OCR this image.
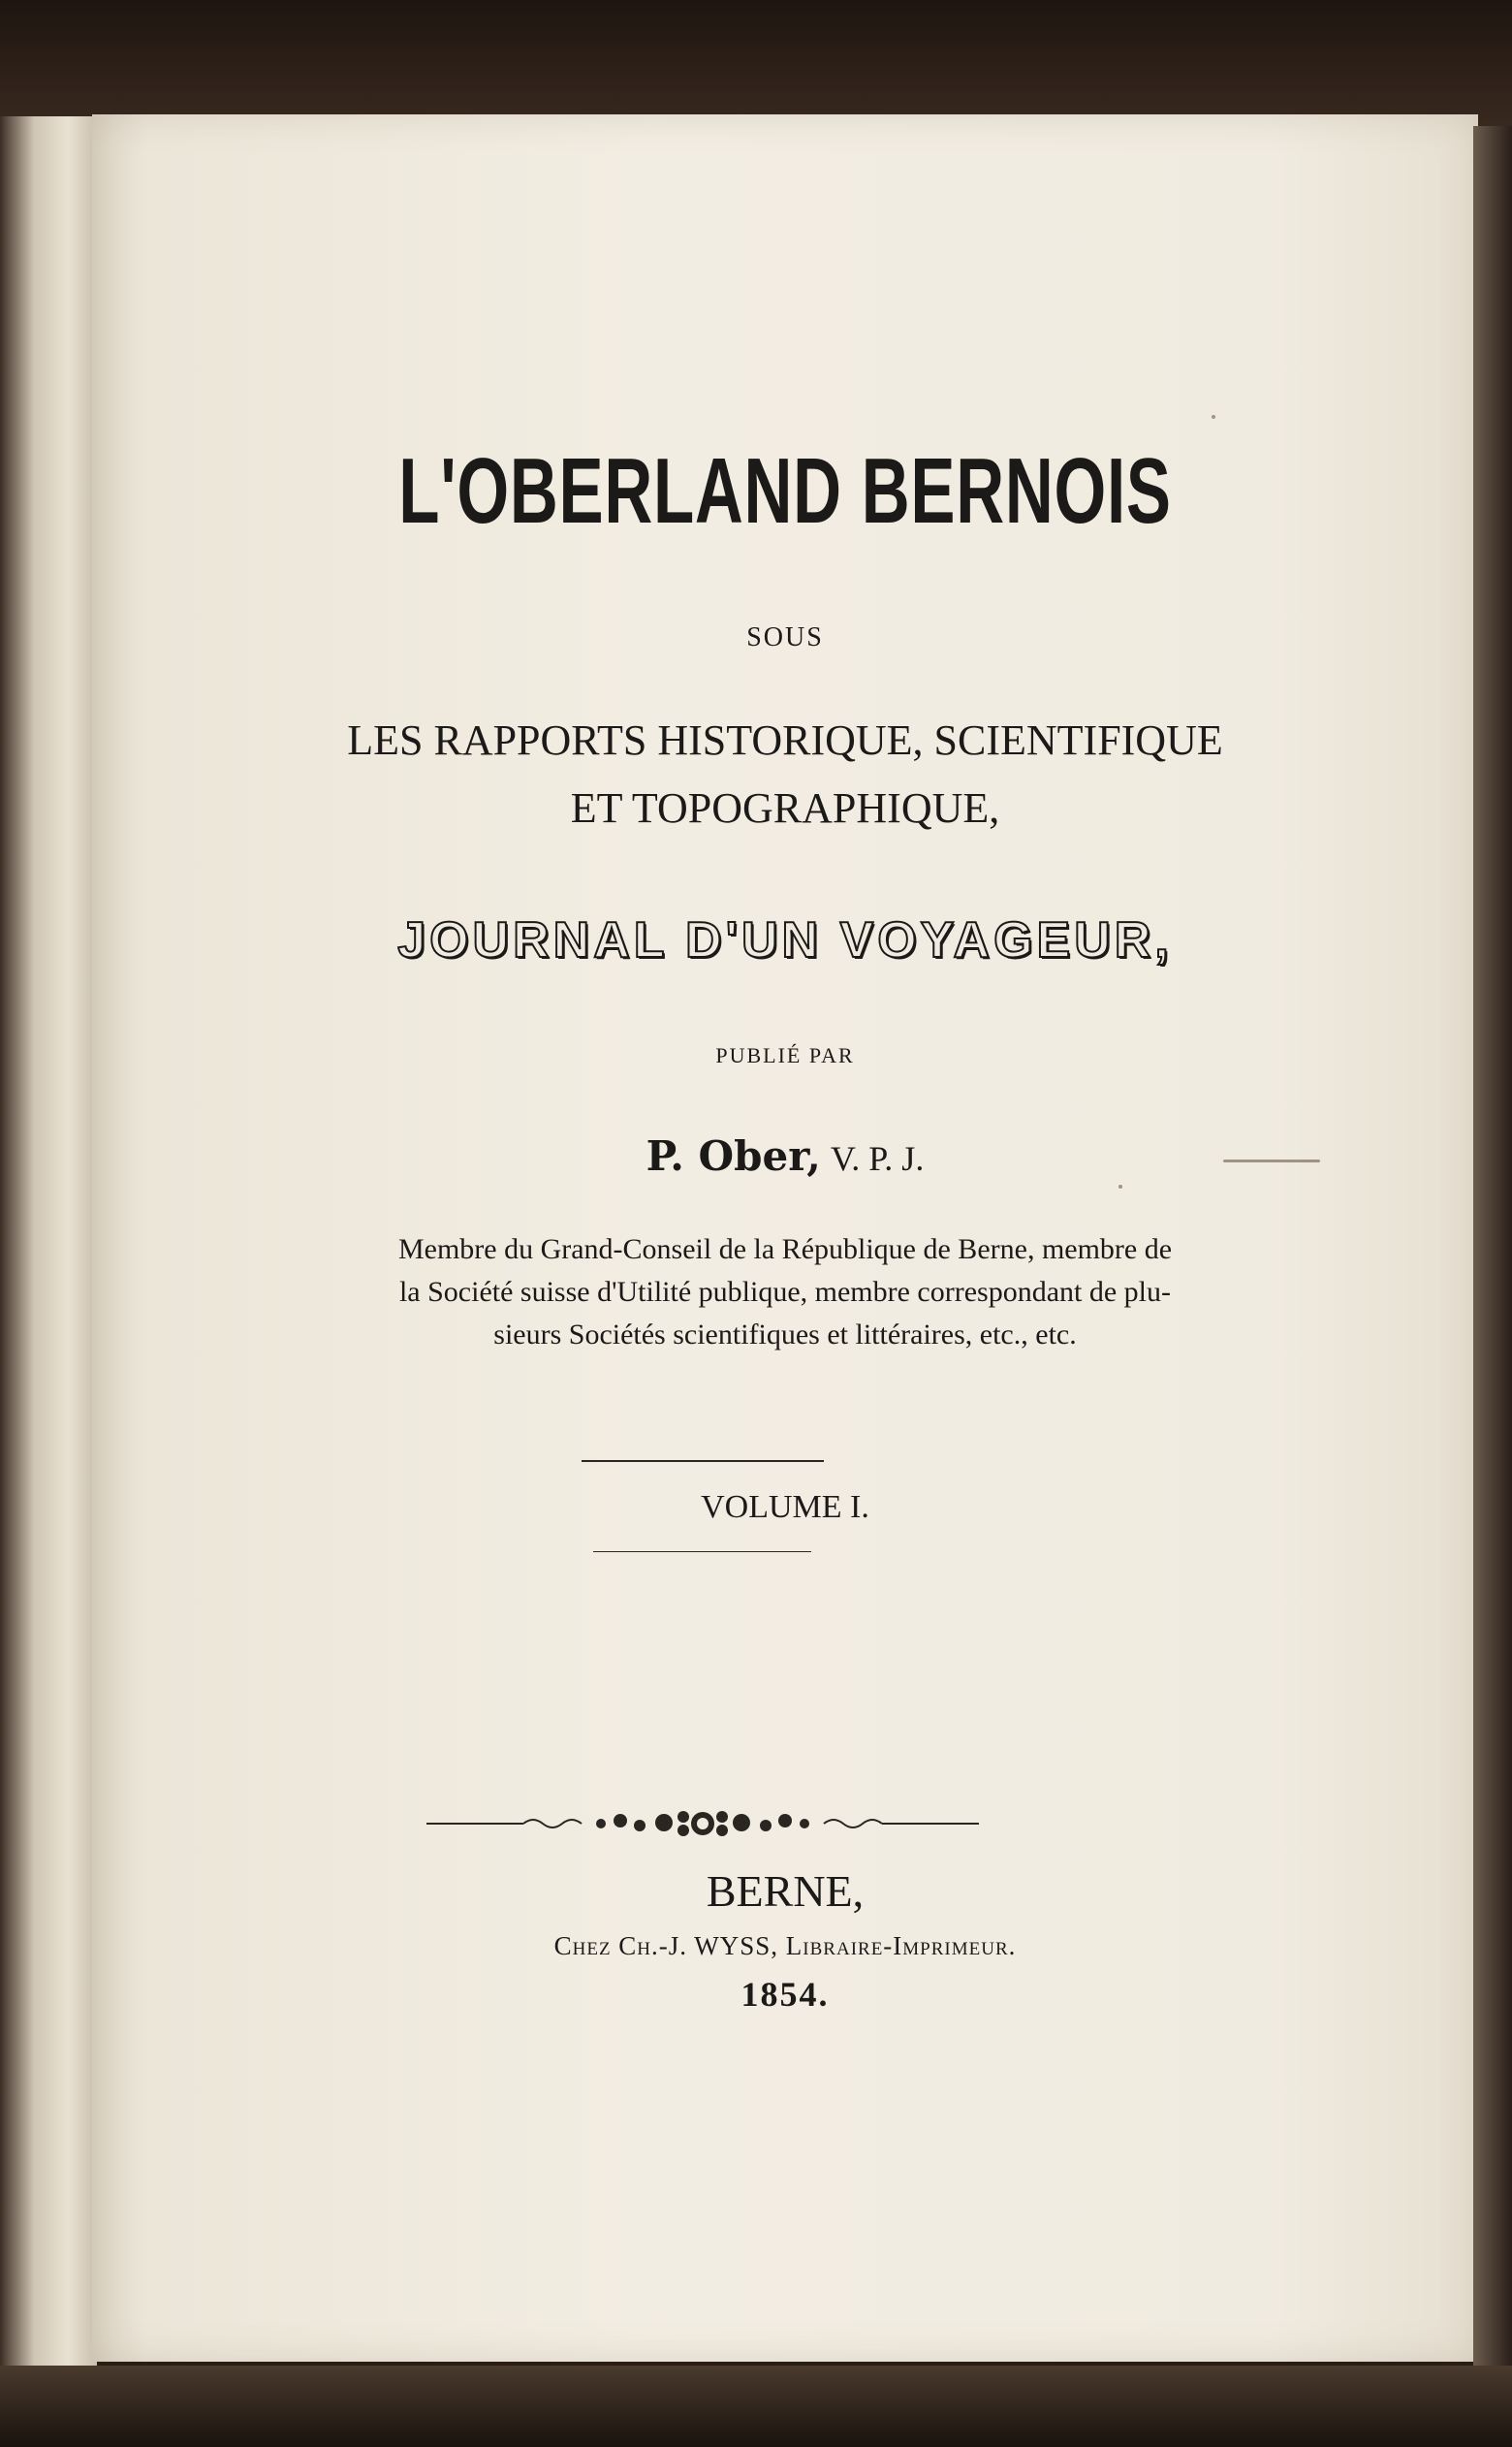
L'OBERLAND BERNOIS

SOUS

LES RAPPORTS HISTORIQUE, SCIENTIFIQUE

ET TOPOGRAPHIQUE,

JOURNAL D'UN VOYAGEUR,

PUBLIÉ PAR

P. Ober, V. P. J.

Membre du Grand-Conseil de la République de Berne, membre de

la Société suisse d'Utilité publique, membre correspondant de plu-

sieurs Sociétés scientifiques et littéraires, etc., etc.

VOLUME I.

BERNE,

Chez Ch.-J. WYSS, Libraire-Imprimeur.

1854.
